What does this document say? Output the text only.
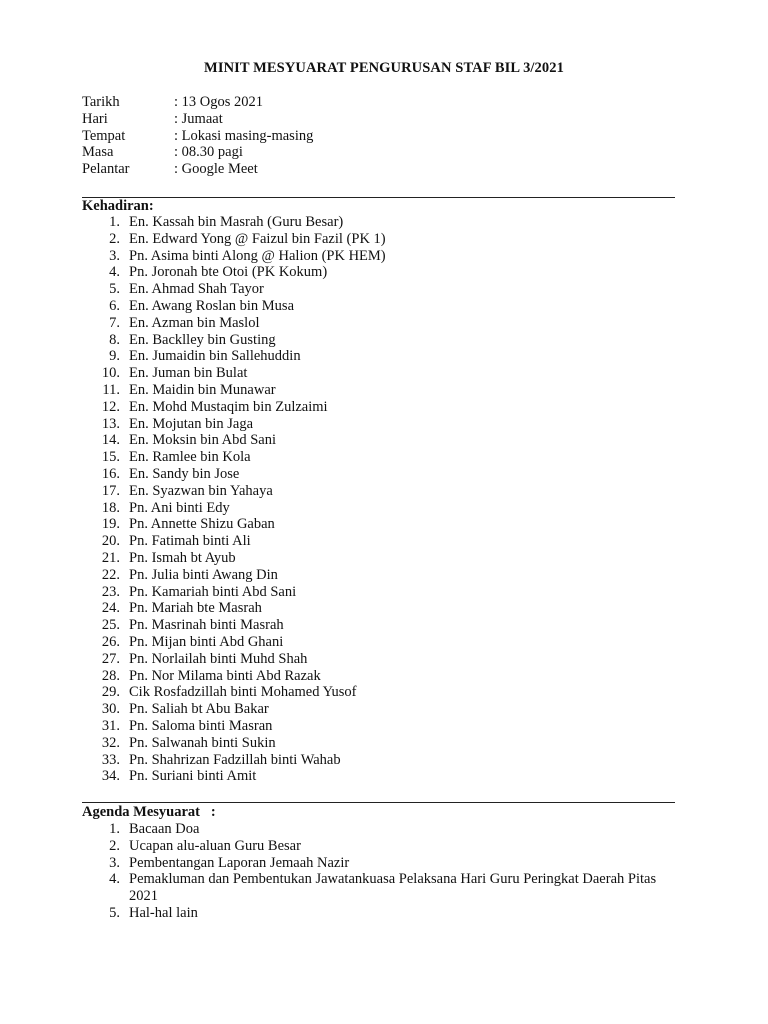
MINIT MESYUARAT PENGURUSAN STAF BIL 3/2021
Tarikh	: 13 Ogos 2021
Hari	: Jumaat
Tempat	: Lokasi masing-masing
Masa	: 08.30 pagi
Pelantar	: Google Meet
Kehadiran:
1. En. Kassah bin Masrah (Guru Besar)
2. En. Edward Yong @ Faizul bin Fazil (PK 1)
3. Pn. Asima binti Along @ Halion (PK HEM)
4. Pn. Joronah bte Otoi (PK Kokum)
5. En. Ahmad Shah Tayor
6. En. Awang Roslan bin Musa
7. En. Azman bin Maslol
8. En. Backlley bin Gusting
9. En. Jumaidin bin Sallehuddin
10. En. Juman bin Bulat
11. En. Maidin bin Munawar
12. En. Mohd Mustaqim bin Zulzaimi
13. En. Mojutan bin Jaga
14. En. Moksin bin Abd Sani
15. En. Ramlee bin Kola
16. En. Sandy bin Jose
17. En. Syazwan bin Yahaya
18. Pn. Ani binti Edy
19. Pn. Annette Shizu Gaban
20. Pn. Fatimah binti Ali
21. Pn. Ismah bt Ayub
22. Pn. Julia binti Awang Din
23. Pn. Kamariah binti Abd Sani
24. Pn. Mariah bte Masrah
25. Pn. Masrinah binti Masrah
26. Pn. Mijan binti Abd Ghani
27. Pn. Norlailah binti Muhd Shah
28. Pn. Nor Milama binti Abd Razak
29. Cik Rosfadzillah binti Mohamed Yusof
30. Pn. Saliah bt Abu Bakar
31. Pn. Saloma binti Masran
32. Pn. Salwanah binti Sukin
33. Pn. Shahrizan Fadzillah binti Wahab
34. Pn. Suriani binti Amit
Agenda Mesyuarat   :
1. Bacaan Doa
2. Ucapan alu-aluan Guru Besar
3. Pembentangan Laporan Jemaah Nazir
4. Pemakluman dan Pembentukan Jawatankuasa Pelaksana Hari Guru Peringkat Daerah Pitas 2021
5. Hal-hal lain
